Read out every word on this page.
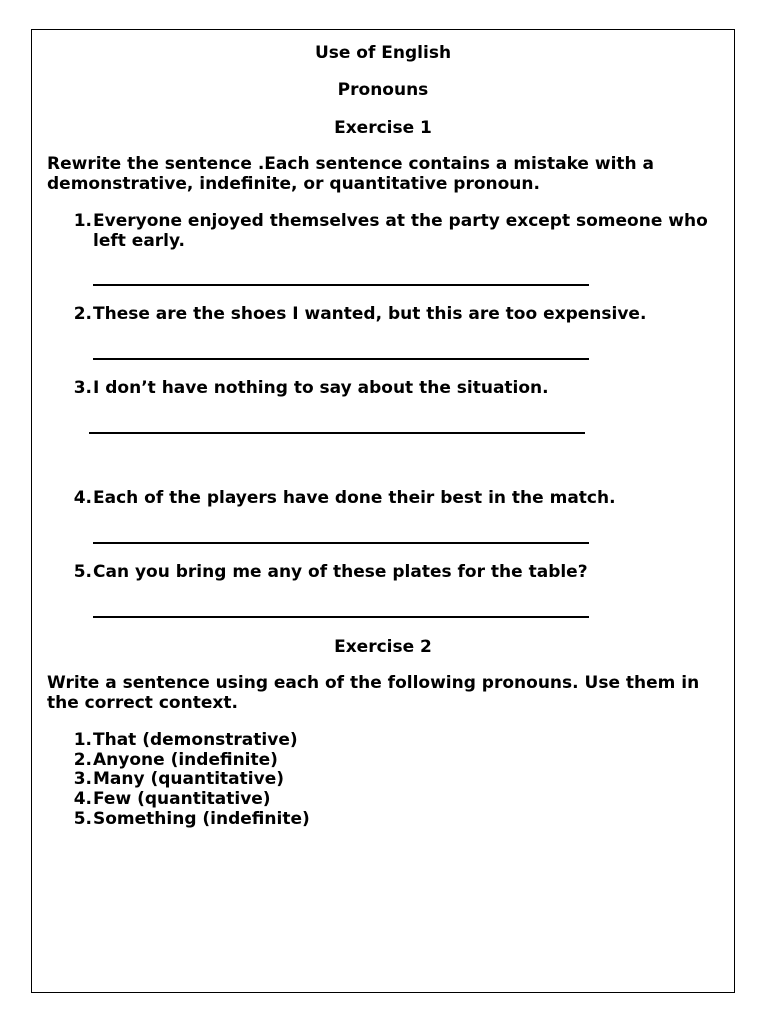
Use of English
Pronouns
Exercise 1
Rewrite the sentence .Each sentence contains a mistake with a demonstrative, indefinite, or quantitative pronoun.
1. Everyone enjoyed themselves at the party except someone who left early.
2. These are the shoes I wanted, but this are too expensive.
3. I don’t have nothing to say about the situation.
4. Each of the players have done their best in the match.
5. Can you bring me any of these plates for the table?
Exercise 2
Write a sentence using each of the following pronouns. Use them in the correct context.
1. That (demonstrative)
2. Anyone (indefinite)
3. Many (quantitative)
4. Few (quantitative)
5. Something (indefinite)
